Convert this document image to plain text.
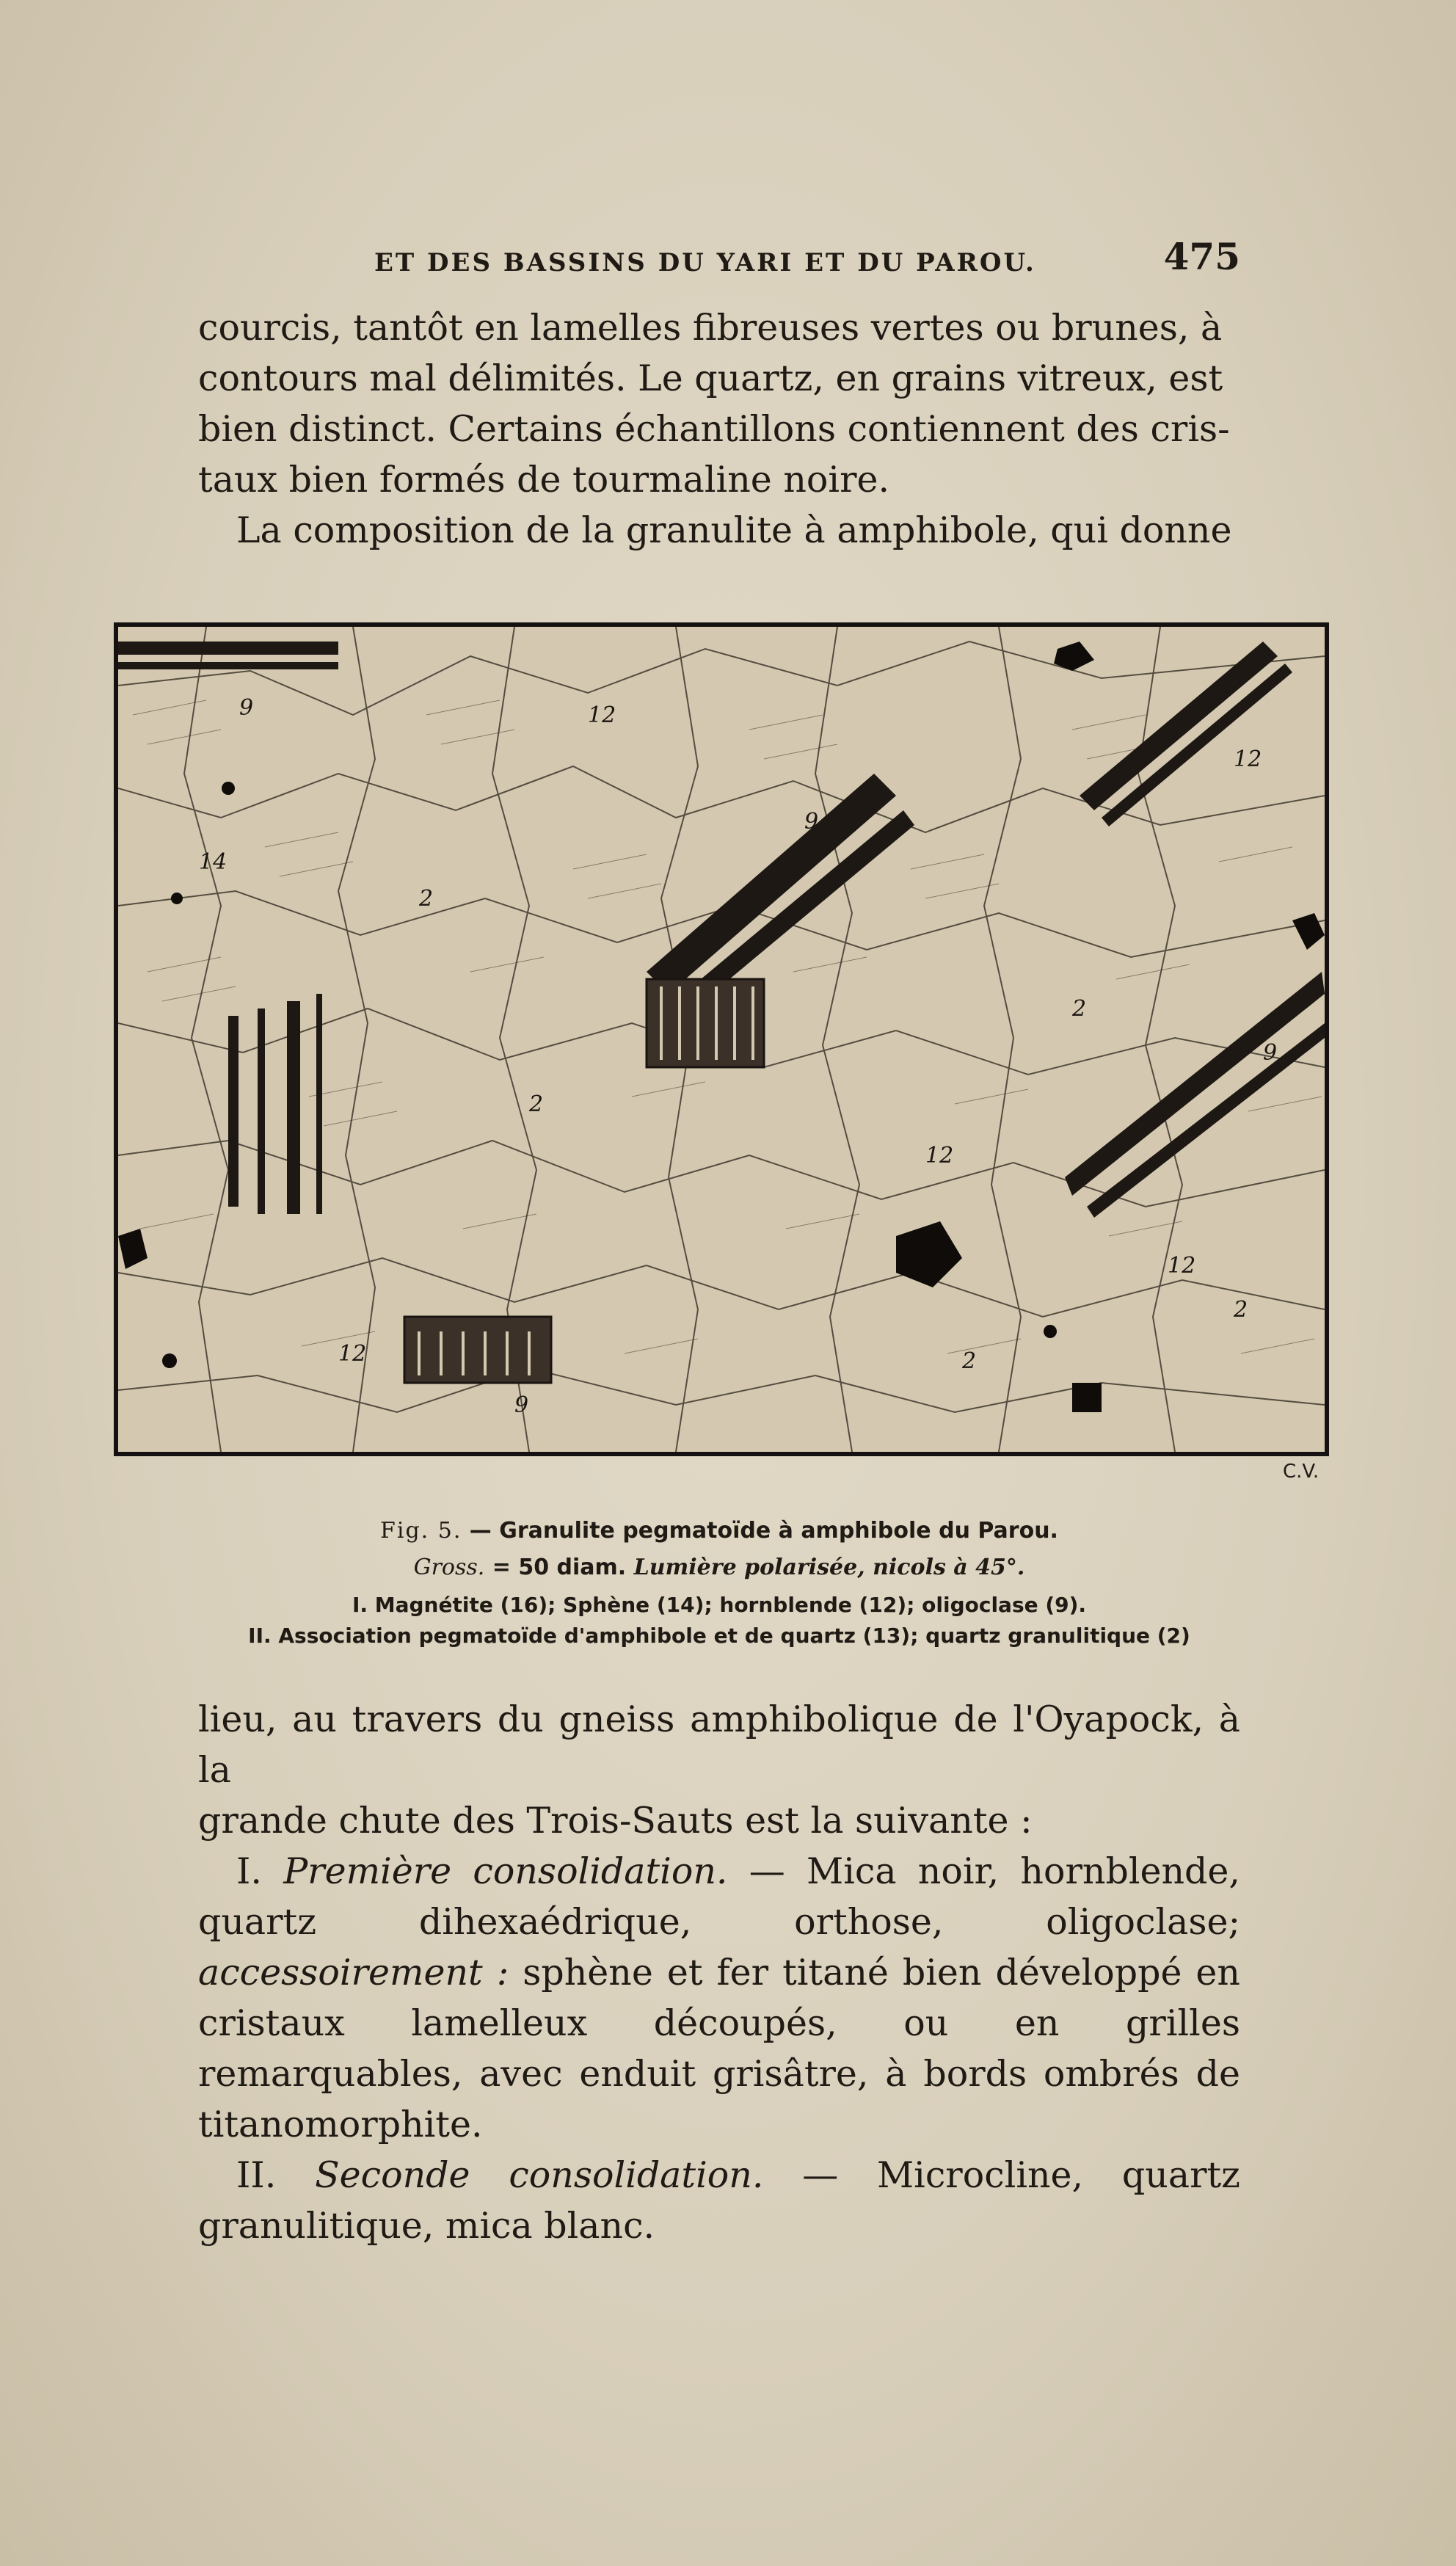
ET DES BASSINS DU YARI ET DU PAROU.	475

courcis, tantôt en lamelles fibreuses vertes ou brunes, à

contours mal délimités. Le quartz, en grains vitreux, est

bien distinct. Certains échantillons contiennent des cris-

taux bien formés de tourmaline noire.

La composition de la granulite à amphibole, qui donne

9	12
14
2
2
9
12
9
2
12
12
2
9
12
2
C.V.
Fig. 5. — Granulite pegmatoïde à amphibole du Parou.
Gross. = 50 diam. Lumière polarisée, nicols à 45°.
I. Magnétite (16); Sphène (14); hornblende (12); oligoclase (9).
II. Association pegmatoïde d'amphibole et de quartz (13); quartz granulitique (2)

lieu, au travers du gneiss amphibolique de l'Oyapock, à la

grande chute des Trois-Sauts est la suivante :

I. Première consolidation. — Mica noir, hornblende, quartz dihexaédrique, orthose, oligoclase; accessoirement : sphène et fer titané bien développé en cristaux lamelleux découpés, ou en grilles remarquables, avec enduit grisâtre, à bords ombrés de titanomorphite.

II. Seconde consolidation. — Microcline, quartz granulitique, mica blanc.
